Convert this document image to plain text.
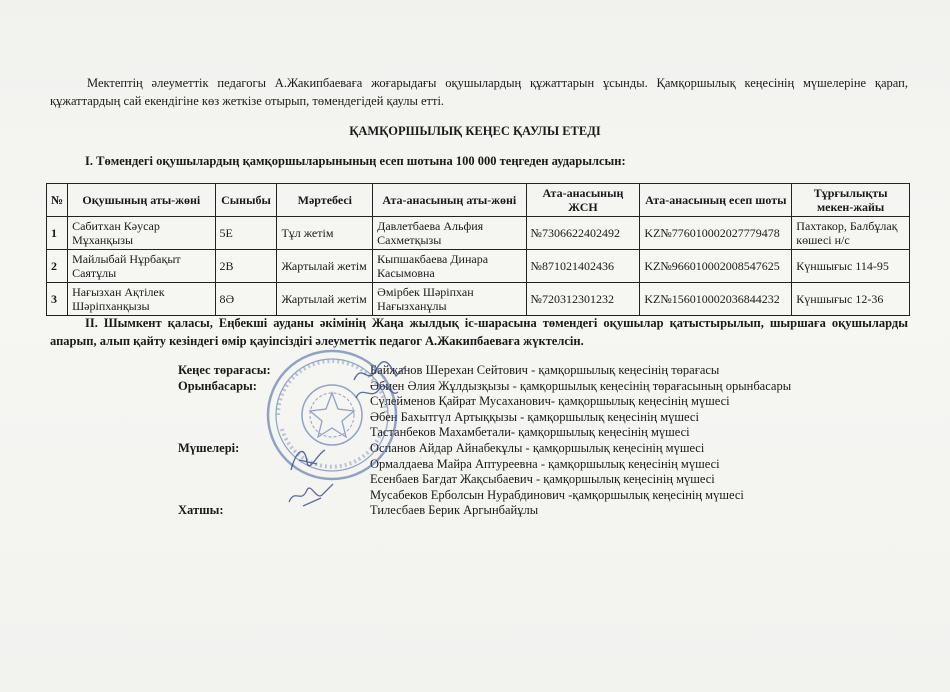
Мектептің әлеуметтік педагогы А.Жакипбаеваға жоғарыдағы оқушылардың құжаттарын ұсынды. Қамқоршылық кеңесінің мүшелеріне қарап, құжаттардың сай екендігіне көз жеткізе отырып, төмендегідей қаулы етті.
ҚАМҚОРШЫЛЫҚ КЕҢЕС ҚАУЛЫ ЕТЕДІ
I. Төмендегі оқушылардың қамқоршыларынының есеп шотына 100 000 теңгеден аударылсын:
№	Оқушының аты-жөні	Сыныбы	Мәртебесі	Ата-анасының аты-жөні	Ата-анасының ЖСН	Ата-анасының есеп шоты	Тұрғылықты мекен-жайы
1	Сабитхан Кәусар Мұханқызы	5Е	Тұл жетім	Давлетбаева Альфия Сахметқызы	№7306622402492	KZ№776010002027779478	Пахтакор, Балбұлақ көшесі н/с
2	Майлыбай Нұрбақыт Саятұлы	2В	Жартылай жетім	Кыпшакбаева Динара Касымовна	№871021402436	KZ№966010002008547625	Күншығыс 114-95
3	Нағызхан Ақтілек Шәріпханқызы	8Ә	Жартылай жетім	Әмірбек Шәріпхан Нағызханұлы	№720312301232	KZ№156010002036844232	Күншығыс 12-36
II. Шымкент қаласы, Еңбекші ауданы әкімінің Жаңа жылдық іс-шарасына төмендегі оқушылар қатыстырылып, шыршаға оқушыларды апарып, алып қайту кезіндегі өмір қауіпсіздігі әлеуметтік педагог А.Жакипбаеваға жүктелсін.
Кеңес төрағасы:	Байжанов Шерехан Сейтович - қамқоршылық кеңесінің төрағасы
Орынбасары:	Әбиен Әлия Жұлдызқызы - қамқоршылық кеңесінің төрағасының орынбасары
Сүлейменов Қайрат Мусаханович- қамқоршылық кеңесінің мүшесі
Әбен Бахытгүл Артыққызы - қамқоршылық кеңесінің мүшесі
Тастанбеков Махамбетали- қамқоршылық кеңесінің мүшесі
Мүшелері:	Оспанов Айдар Айнабекұлы - қамқоршылық кеңесінің мүшесі
Ормалдаева Майра Аптуреевна - қамқоршылық кеңесінің мүшесі
Есенбаев Бағдат Жақсыбаевич - қамқоршылық кеңесінің мүшесі
Мусабеков Ерболсын Нурабдинович -қамқоршылық кеңесінің мүшесі
Хатшы:	Тилесбаев Берик Аргынбайұлы
